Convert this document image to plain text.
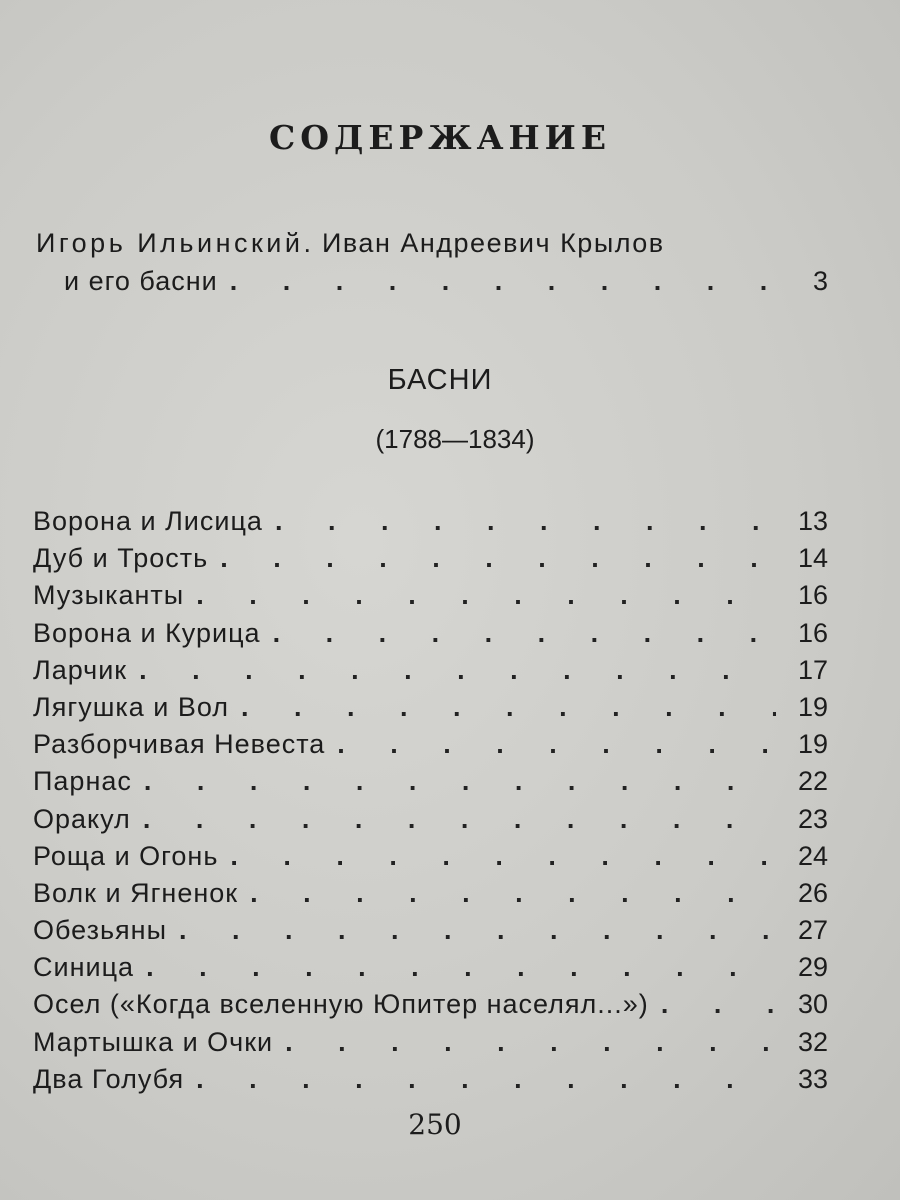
СОДЕРЖАНИЕ
Игорь Ильинский. Иван Андреевич Крылов
и его басни . . .	3
БАСНИ
(1788—1834)
Ворона и Лисица . . .	13
Дуб и Трость . . .	14
Музыканты . . .	16
Ворона и Курица . . .	16
Ларчик . . .	17
Лягушка и Вол . . .	19
Разборчивая Невеста . . .	19
Парнас . . .	22
Оракул . . .	23
Роща и Огонь . . .	24
Волк и Ягненок . . .	26
Обезьяны . . .	27
Синица . . .	29
Осел («Когда вселенную Юпитер населял...») . . .	30
Мартышка и Очки . . .	32
Два Голубя . . .	33
250
